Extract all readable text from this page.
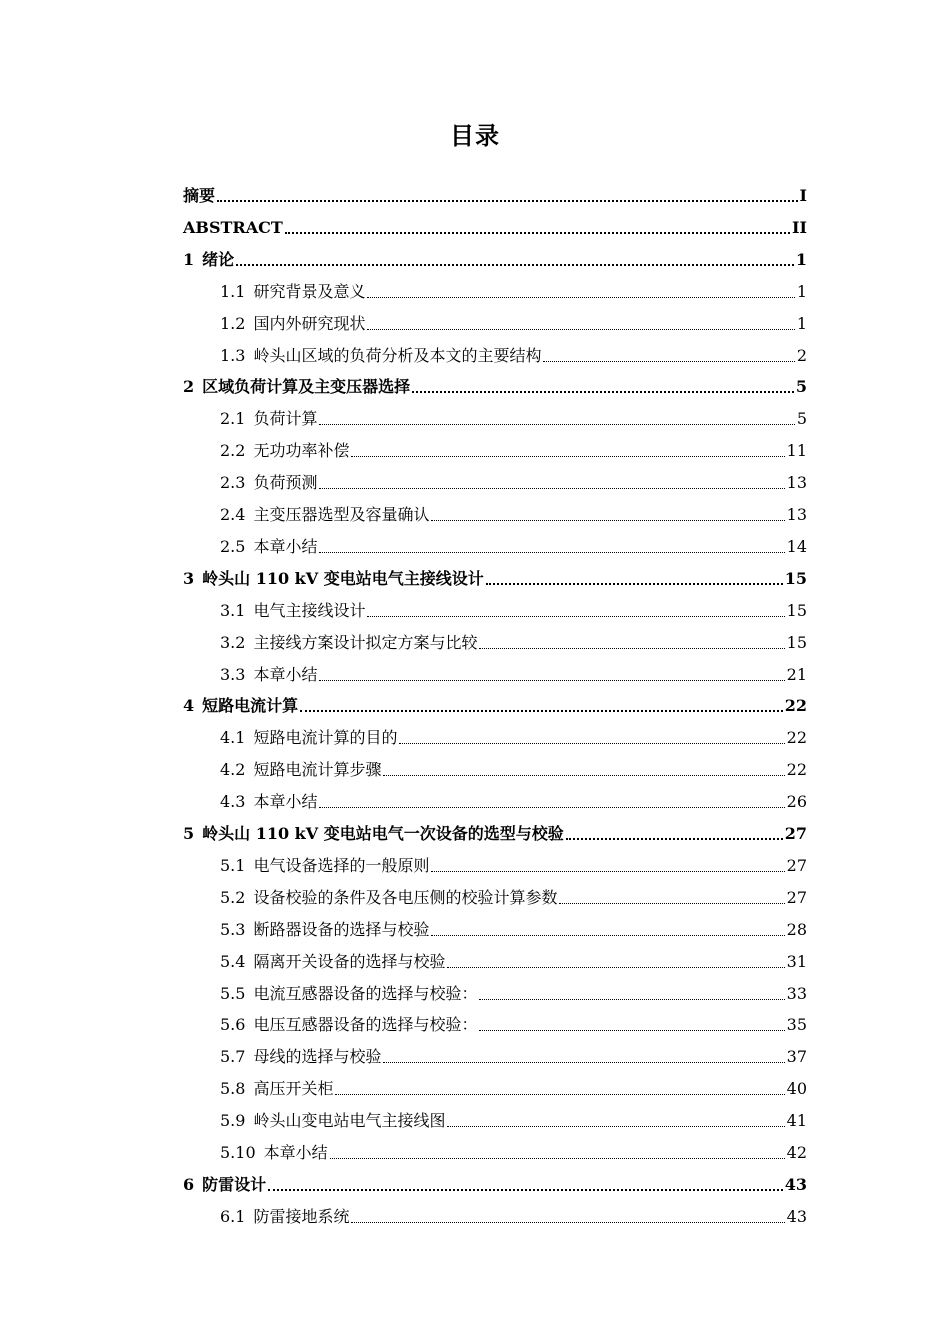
目录
摘要	I
ABSTRACT	II
1 绪论	1
1.1 研究背景及意义	1
1.2 国内外研究现状	1
1.3 岭头山区域的负荷分析及本文的主要结构	2
2 区域负荷计算及主变压器选择	5
2.1 负荷计算	5
2.2 无功功率补偿	11
2.3 负荷预测	13
2.4 主变压器选型及容量确认	13
2.5 本章小结	14
3 岭头山 110 kV 变电站电气主接线设计	15
3.1 电气主接线设计	15
3.2 主接线方案设计拟定方案与比较	15
3.3 本章小结	21
4 短路电流计算	22
4.1 短路电流计算的目的	22
4.2 短路电流计算步骤	22
4.3 本章小结	26
5 岭头山 110 kV 变电站电气一次设备的选型与校验	27
5.1 电气设备选择的一般原则	27
5.2 设备校验的条件及各电压侧的校验计算参数	27
5.3 断路器设备的选择与校验	28
5.4 隔离开关设备的选择与校验	31
5.5 电流互感器设备的选择与校验：	33
5.6 电压互感器设备的选择与校验：	35
5.7 母线的选择与校验	37
5.8 高压开关柜	40
5.9 岭头山变电站电气主接线图	41
5.10 本章小结	42
6 防雷设计	43
6.1 防雷接地系统	43
